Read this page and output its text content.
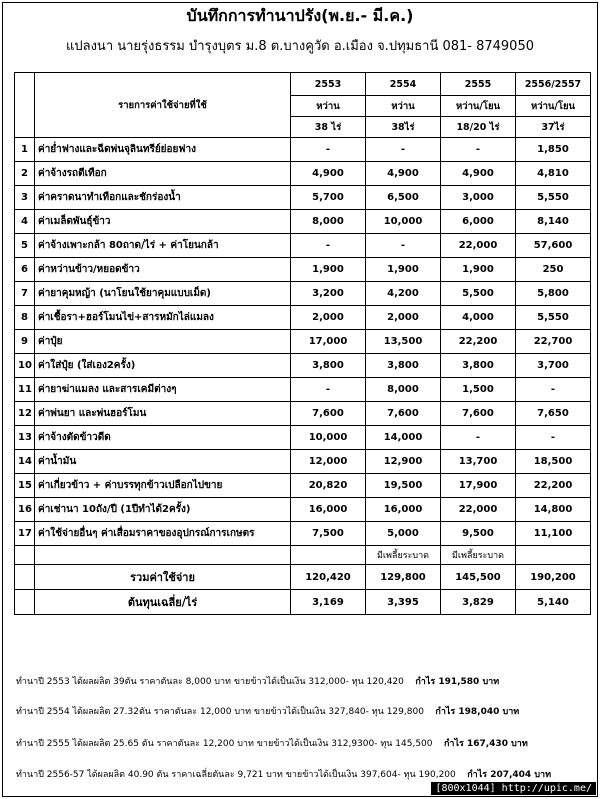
บันทึกการทำนาปรัง(พ.ย.- มี.ค.)
แปลงนา นายรุ่งธรรม บำรุงบุตร ม.8 ต.บางคูวัด อ.เมือง จ.ปทุมธานี 081- 8749050
	รายการค่าใช้จ่ายที่ใช้	2553	2554	2555	2556/2557
		หว่าน	หว่าน	หว่าน/โยน	หว่าน/โยน
		38 ไร่	38ไร่	18/20 ไร่	37ไร่
1	ค่าย่ำฟางและฉีดพ่นจุลินทรีย์ย่อยฟาง	-	-	-	1,850
2	ค่าจ้างรถตีเทือก	4,900	4,900	4,900	4,810
3	ค่าคราดนาทำเทือกและชักร่องน้ำ	5,700	6,500	3,000	5,550
4	ค่าเมล็ดพันธุ์ข้าว	8,000	10,000	6,000	8,140
5	ค่าจ้างเพาะกล้า 80ถาด/ไร่ + ค่าโยนกล้า	-	-	22,000	57,600
6	ค่าหว่านข้าว/หยอดข้าว	1,900	1,900	1,900	250
7	ค่ายาคุมหญ้า (นาโยนใช้ยาคุมแบบเม็ด)	3,200	4,200	5,500	5,800
8	ค่าเชื้อรา+ฮอร์โมนไข่+สารหมักไล่แมลง	2,000	2,000	4,000	5,550
9	ค่าปุ๋ย	17,000	13,500	22,200	22,700
10	ค่าใส่ปุ๋ย (ใส่เอง2ครั้ง)	3,800	3,800	3,800	3,700
11	ค่ายาฆ่าแมลง และสารเคมีต่างๆ	-	8,000	1,500	-
12	ค่าพ่นยา และพ่นฮอร์โมน	7,600	7,600	7,600	7,650
13	ค่าจ้างตัดข้าวดีด	10,000	14,000	-	-
14	ค่าน้ำมัน	12,000	12,900	13,700	18,500
15	ค่าเกี่ยวข้าว + ค่าบรรทุกข้าวเปลือกไปขาย	20,820	19,500	17,900	22,200
16	ค่าเช่านา 10ถัง/ปี (1ปีทำได้2ครั้ง)	16,000	16,000	22,000	14,800
17	ค่าใช้จ่ายอื่นๆ ค่าเสื่อมราคาของอุปกรณ์การเกษตร	7,500	5,000	9,500	11,100
			มีเพลี้ยระบาด	มีเพลี้ยระบาด	
	รวมค่าใช้จ่าย	120,420	129,800	145,500	190,200
	ต้นทุนเฉลี่ย/ไร่	3,169	3,395	3,829	5,140
ทำนาปี 2553 ได้ผลผลิต 39ตัน ราคาตันละ 8,000 บาท ขายข้าวได้เป็นเงิน 312,000- ทุน 120,420 กำไร 191,580 บาท
ทำนาปี 2554 ได้ผลผลิต 27.32ตัน ราคาตันละ 12,000 บาท ขายข้าวได้เป็นเงิน 327,840- ทุน 129,800 กำไร 198,040 บาท
ทำนาปี 2555 ได้ผลผลิต 25.65 ตัน ราคาตันละ 12,200 บาท ขายข้าวได้เป็นเงิน 312,9300- ทุน 145,500 กำไร 167,430 บาท
ทำนาปี 2556-57 ได้ผลผลิต 40.90 ตัน ราคาเฉลี่ยตันละ 9,721 บาท ขายข้าวได้เป็นเงิน 397,604- ทุน 190,200 กำไร 207,404 บาท
[800x1044] http://upic.me/
